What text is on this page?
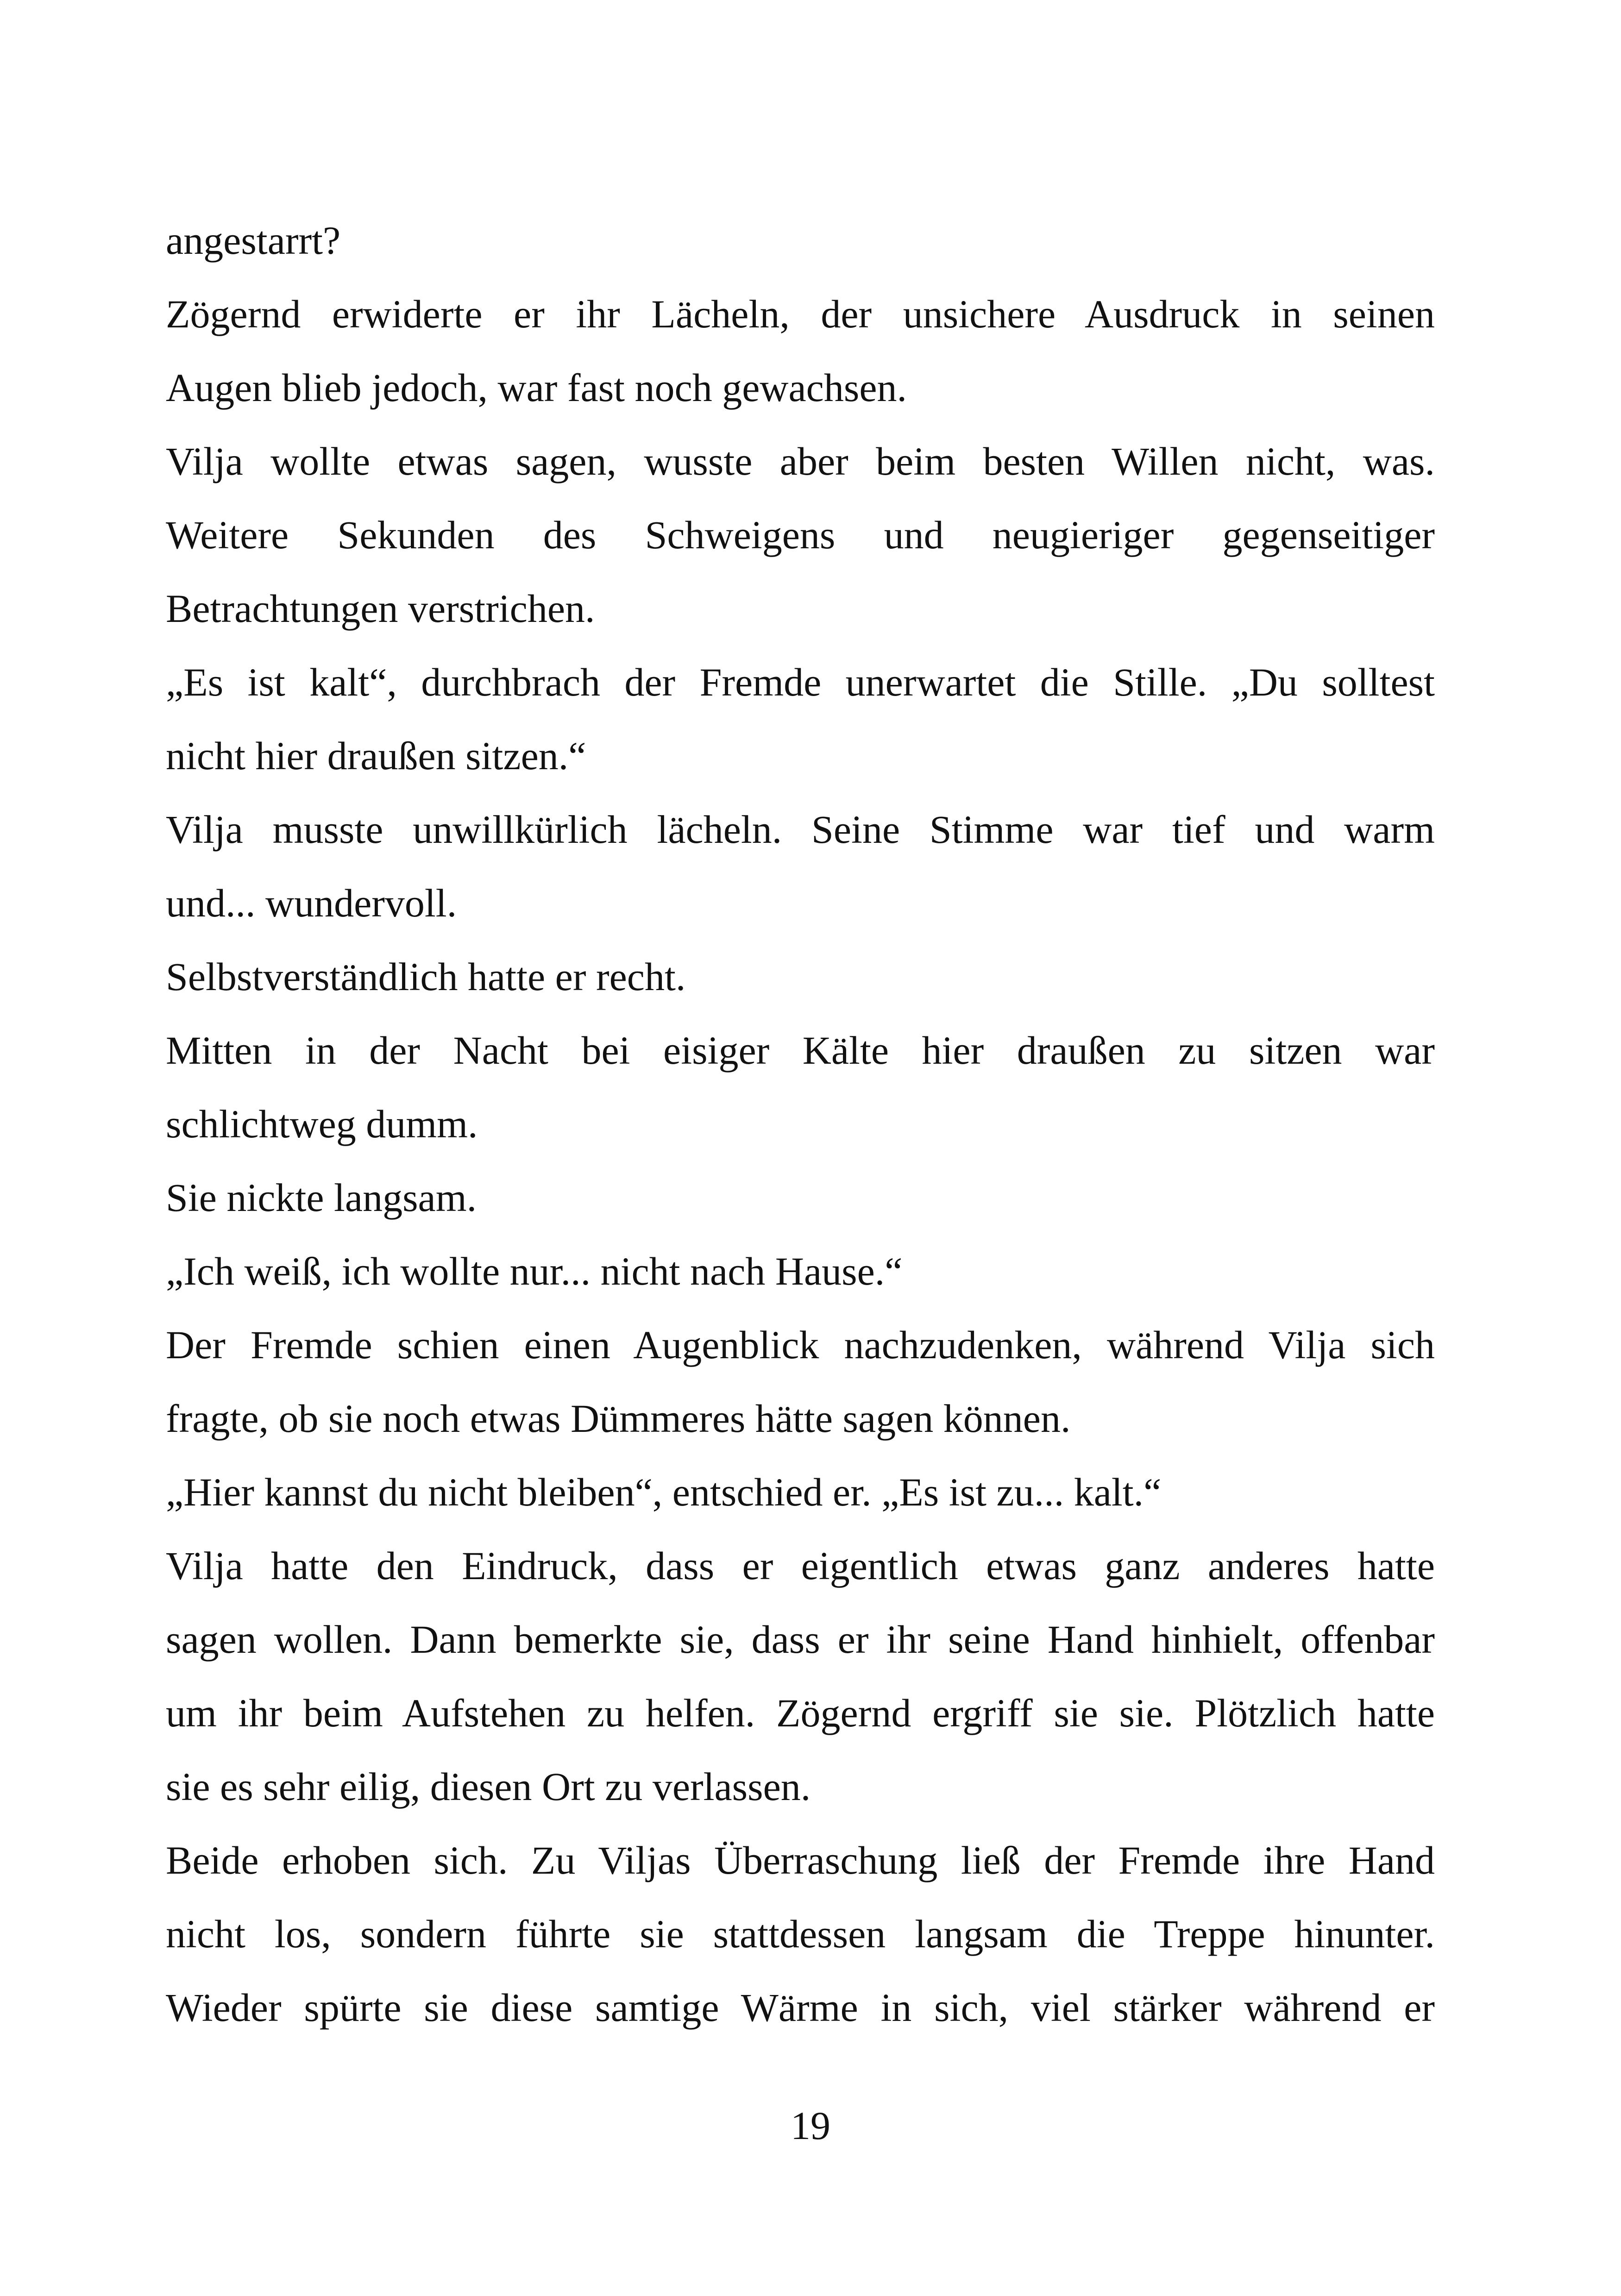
angestarrt?
Zögernd erwiderte er ihr Lächeln, der unsichere Ausdruck in seinen
Augen blieb jedoch, war fast noch gewachsen.
Vilja wollte etwas sagen, wusste aber beim besten Willen nicht, was.
Weitere Sekunden des Schweigens und neugieriger gegenseitiger
Betrachtungen verstrichen.
„Es ist kalt“, durchbrach der Fremde unerwartet die Stille. „Du solltest
nicht hier draußen sitzen.“
Vilja musste unwillkürlich lächeln. Seine Stimme war tief und warm
und... wundervoll.
Selbstverständlich hatte er recht.
Mitten in der Nacht bei eisiger Kälte hier draußen zu sitzen war
schlichtweg dumm.
Sie nickte langsam.
„Ich weiß, ich wollte nur... nicht nach Hause.“
Der Fremde schien einen Augenblick nachzudenken, während Vilja sich
fragte, ob sie noch etwas Dümmeres hätte sagen können.
„Hier kannst du nicht bleiben“, entschied er. „Es ist zu... kalt.“
Vilja hatte den Eindruck, dass er eigentlich etwas ganz anderes hatte
sagen wollen. Dann bemerkte sie, dass er ihr seine Hand hinhielt, offenbar
um ihr beim Aufstehen zu helfen. Zögernd ergriff sie sie. Plötzlich hatte
sie es sehr eilig, diesen Ort zu verlassen.
Beide erhoben sich. Zu Viljas Überraschung ließ der Fremde ihre Hand
nicht los, sondern führte sie stattdessen langsam die Treppe hinunter.
Wieder spürte sie diese samtige Wärme in sich, viel stärker während er
19
